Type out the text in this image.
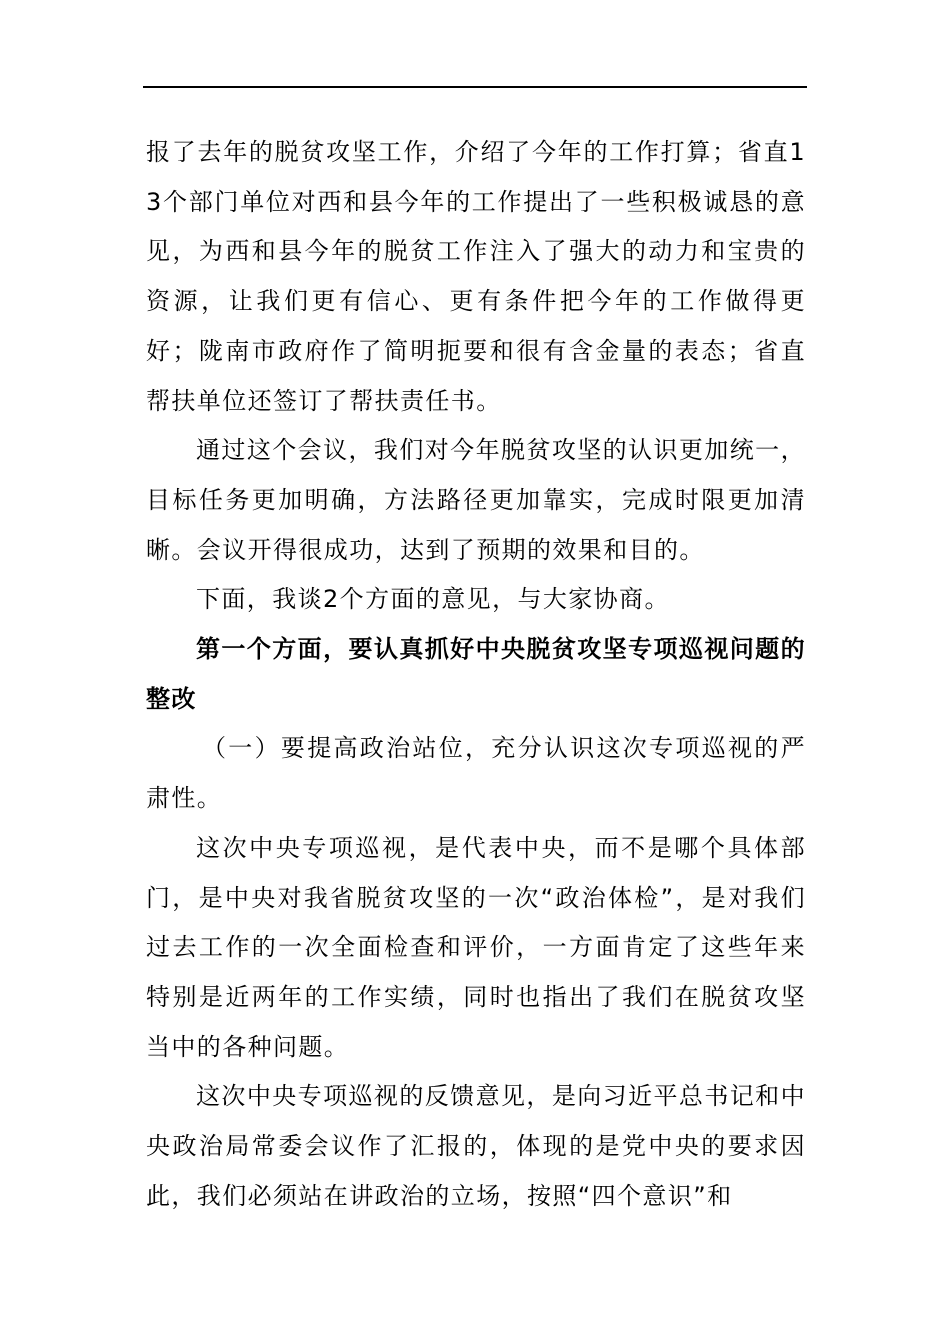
报了去年的脱贫攻坚工作，介绍了今年的工作打算；省直13个部门单位对西和县今年的工作提出了一些积极诚恳的意见，为西和县今年的脱贫工作注入了强大的动力和宝贵的资源，让我们更有信心、更有条件把今年的工作做得更好；陇南市政府作了简明扼要和很有含金量的表态；省直帮扶单位还签订了帮扶责任书。

通过这个会议，我们对今年脱贫攻坚的认识更加统一，目标任务更加明确，方法路径更加靠实，完成时限更加清晰。会议开得很成功，达到了预期的效果和目的。

下面，我谈2个方面的意见，与大家协商。

第一个方面，要认真抓好中央脱贫攻坚专项巡视问题的整改

（一）要提高政治站位，充分认识这次专项巡视的严肃性。

这次中央专项巡视，是代表中央，而不是哪个具体部门，是中央对我省脱贫攻坚的一次“政治体检”，是对我们过去工作的一次全面检查和评价，一方面肯定了这些年来特别是近两年的工作实绩，同时也指出了我们在脱贫攻坚当中的各种问题。

这次中央专项巡视的反馈意见，是向习近平总书记和中央政治局常委会议作了汇报的，体现的是党中央的要求因此，我们必须站在讲政治的立场，按照“四个意识”和
